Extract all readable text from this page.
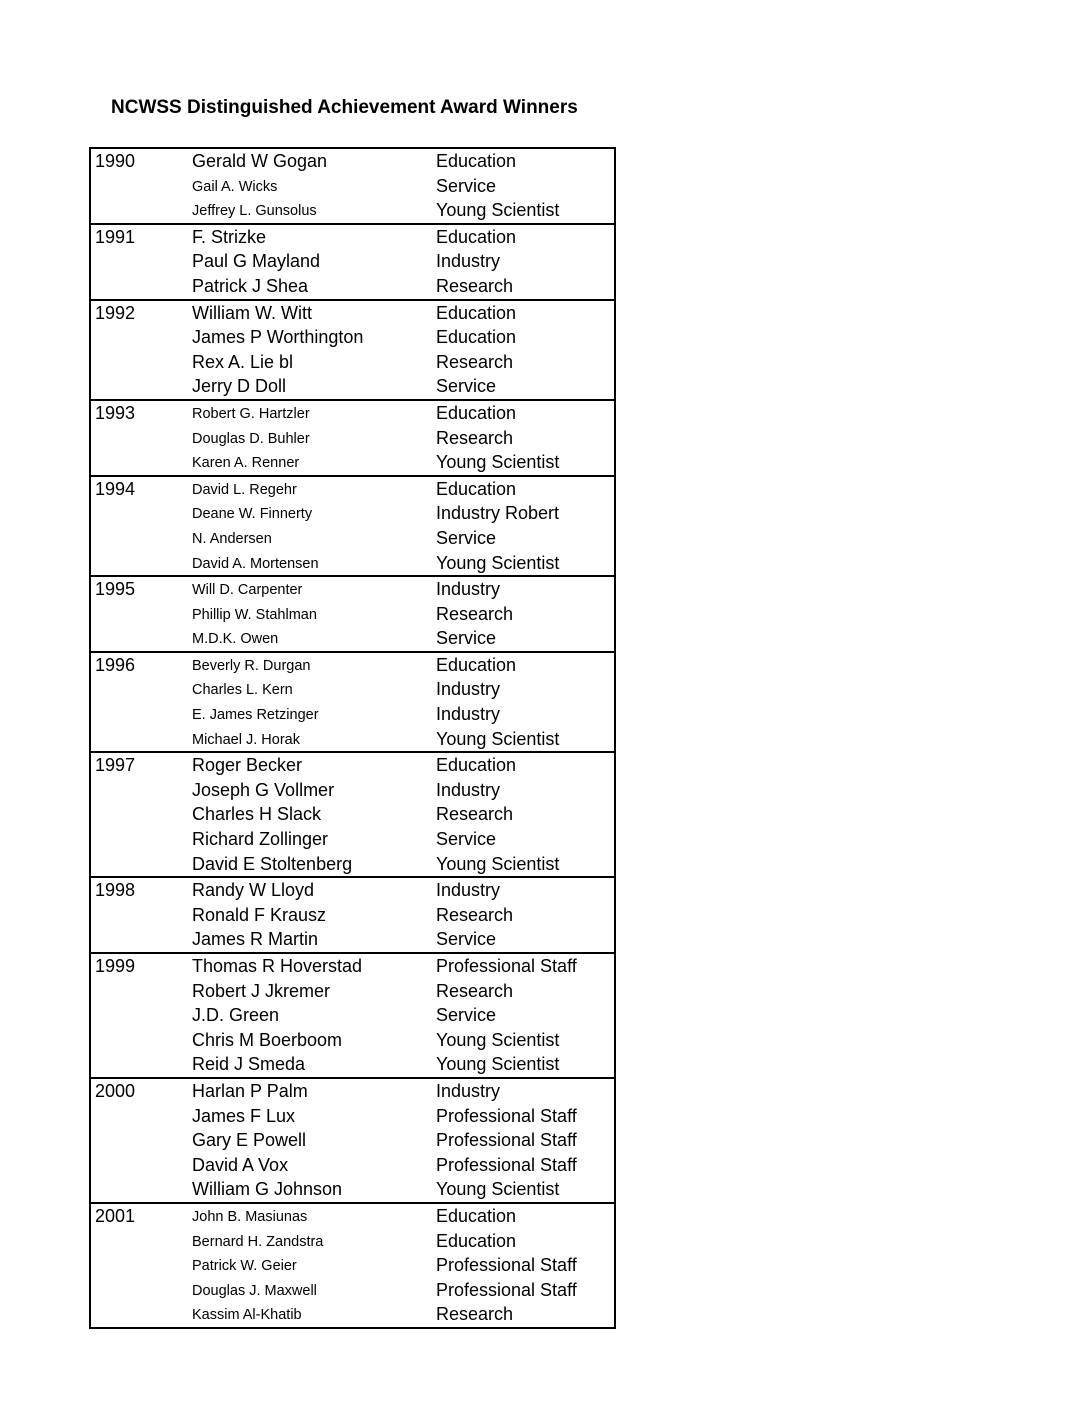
NCWSS Distinguished Achievement Award Winners
1990	Gerald W Gogan	Education
Gail A. Wicks	Service
Jeffrey L. Gunsolus	Young Scientist
1991	F. Strizke	Education
Paul G Mayland	Industry
Patrick J Shea	Research
1992	William W. Witt	Education
James P Worthington	Education
Rex A. Lie bl	Research
Jerry D Doll	Service
1993	Robert G. Hartzler	Education
Douglas D. Buhler	Research
Karen A. Renner	Young Scientist
1994	David L. Regehr	Education
Deane W. Finnerty	Industry Robert
N. Andersen	Service
David A. Mortensen	Young Scientist
1995	Will D. Carpenter	Industry
Phillip W. Stahlman	Research
M.D.K. Owen	Service
1996	Beverly R. Durgan	Education
Charles L. Kern	Industry
E. James Retzinger	Industry
Michael J. Horak	Young Scientist
1997	Roger Becker	Education
Joseph G Vollmer	Industry
Charles H Slack	Research
Richard Zollinger	Service
David E Stoltenberg	Young Scientist
1998	Randy W Lloyd	Industry
Ronald F Krausz	Research
James R Martin	Service
1999	Thomas R Hoverstad	Professional Staff
Robert J Jkremer	Research
J.D. Green	Service
Chris M Boerboom	Young Scientist
Reid J Smeda	Young Scientist
2000	Harlan P Palm	Industry
James F Lux	Professional Staff
Gary E Powell	Professional Staff
David A Vox	Professional Staff
William G Johnson	Young Scientist
2001	John B. Masiunas	Education
Bernard H. Zandstra	Education
Patrick W. Geier	Professional Staff
Douglas J. Maxwell	Professional Staff
Kassim Al-Khatib	Research
